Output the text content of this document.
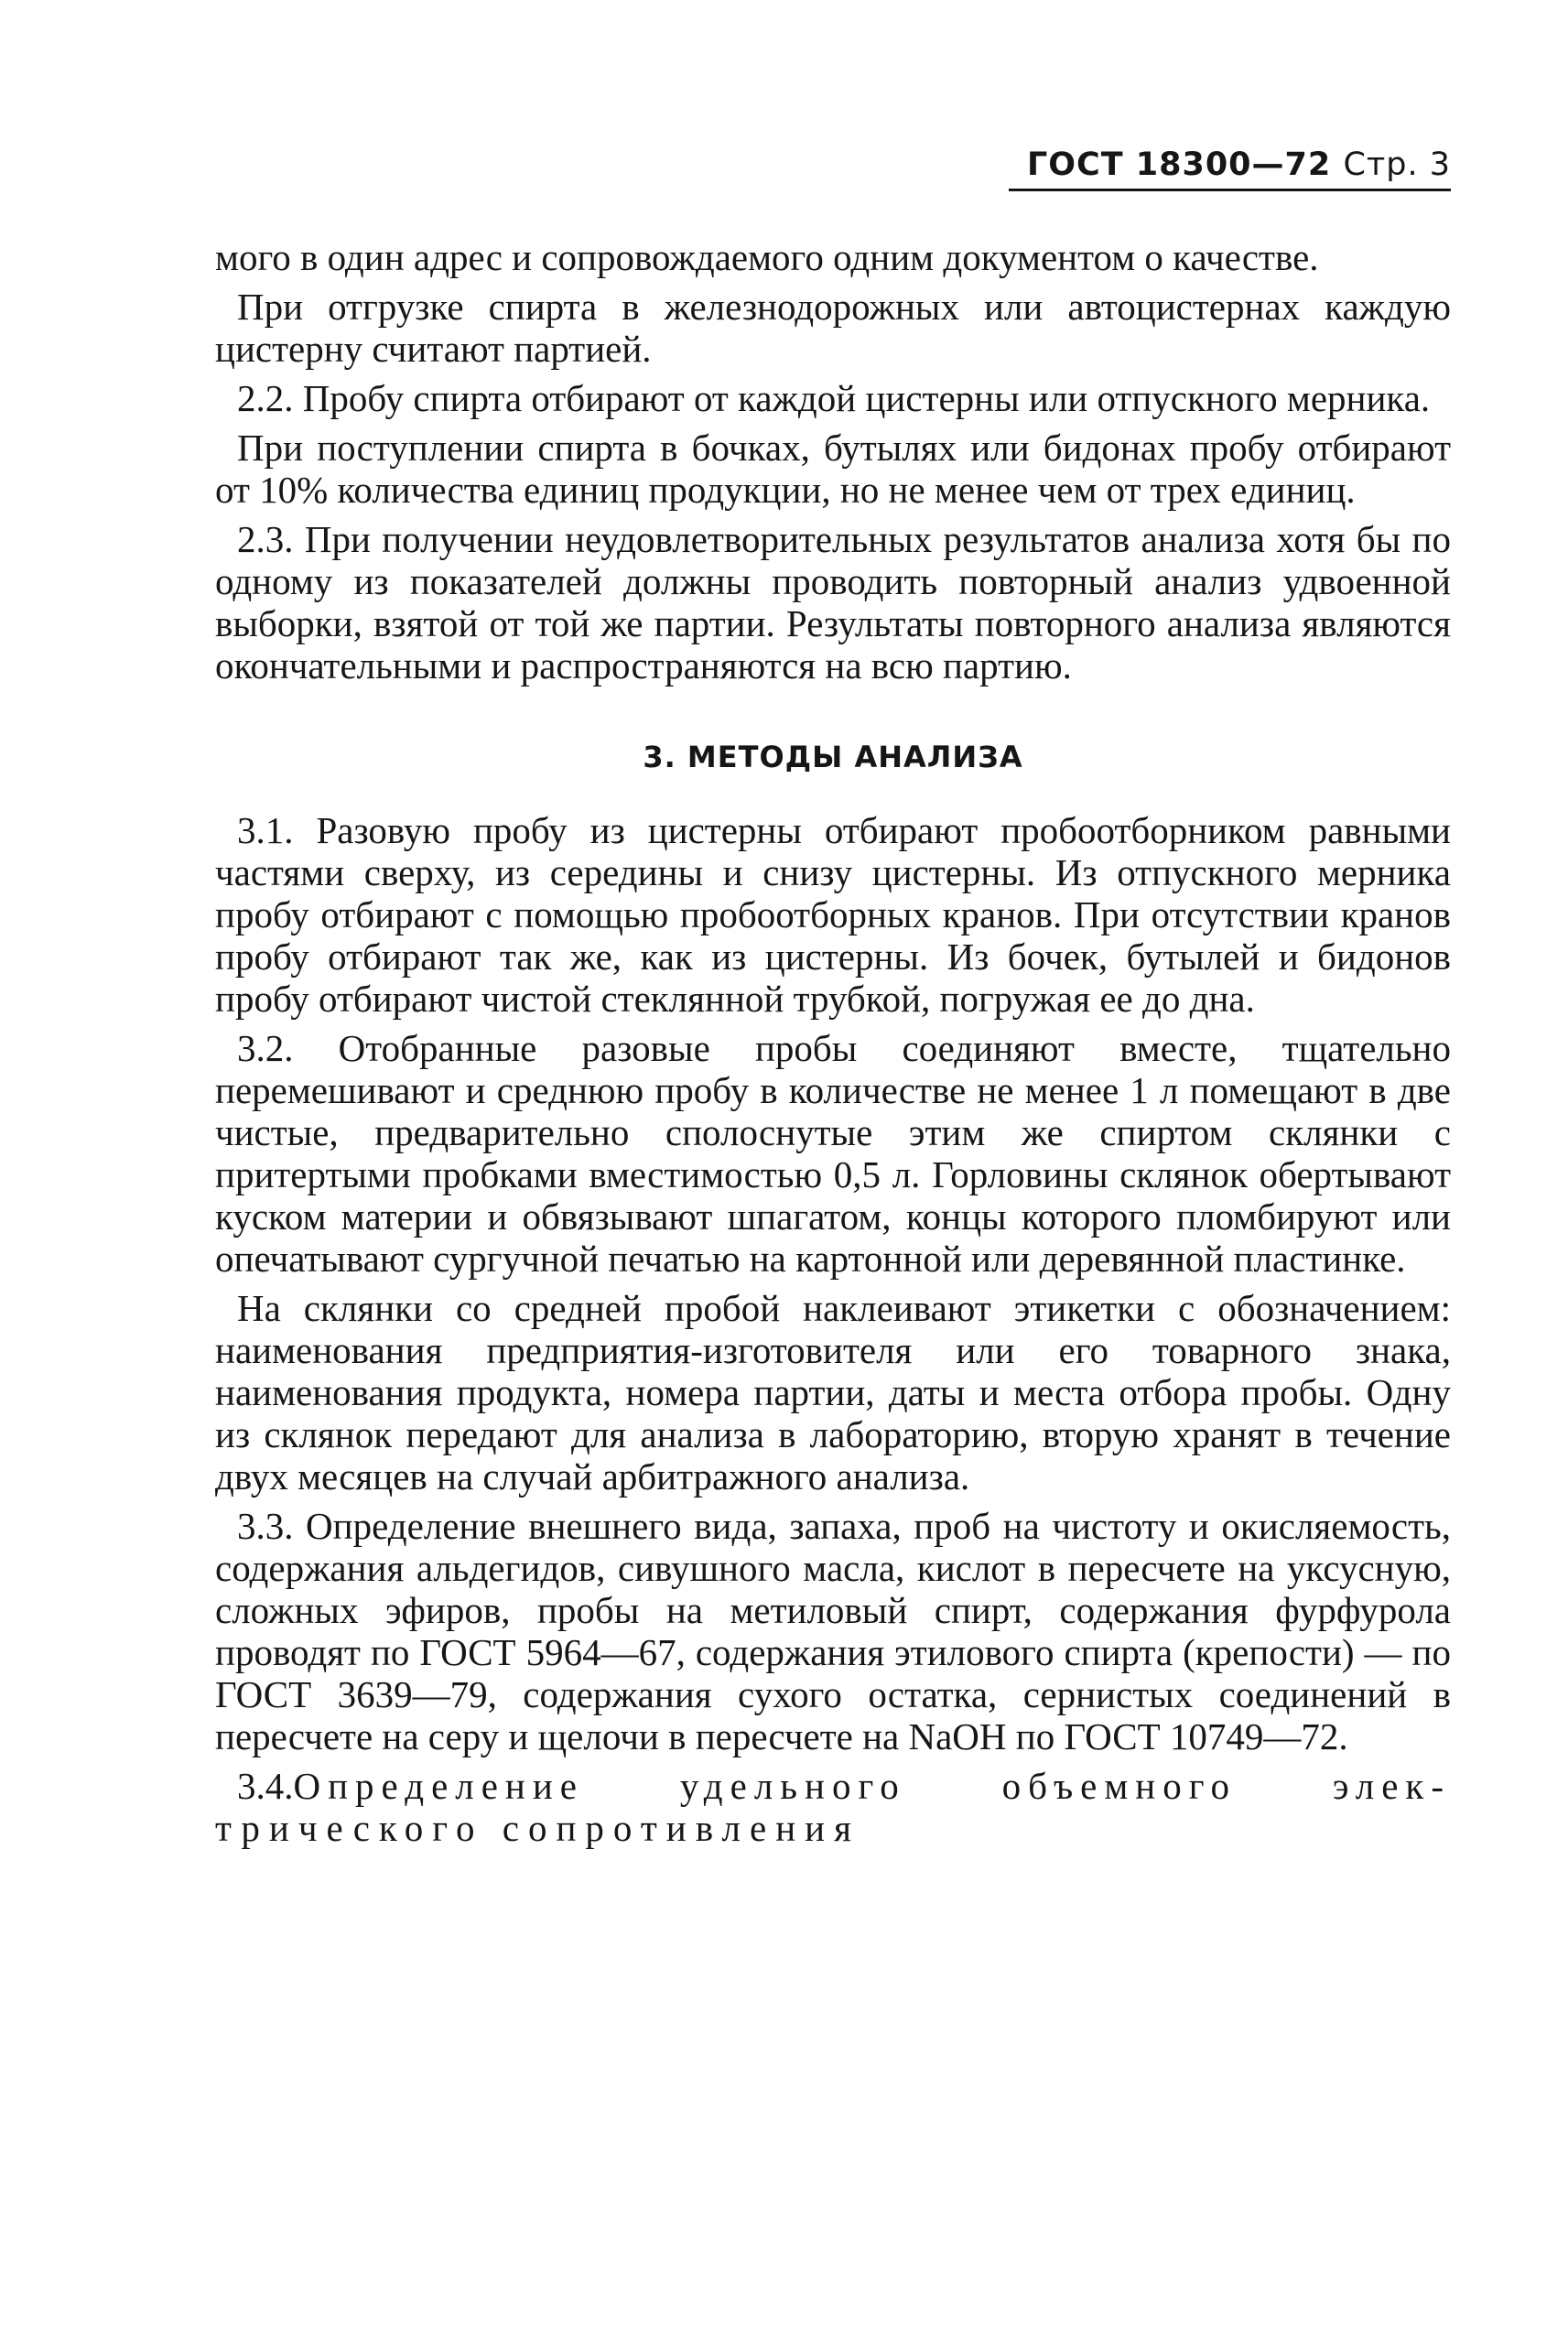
ГОСТ 18300—72 Стр. 3

мого в один адрес и сопровождаемого одним документом о качестве.

При отгрузке спирта в железнодорожных или автоцистернах каждую цистерну считают партией.

2.2. Пробу спирта отбирают от каждой цистерны или отпускного мерника.

При поступлении спирта в бочках, бутылях или бидонах пробу отбирают от 10% количества единиц продукции, но не менее чем от трех единиц.

2.3. При получении неудовлетворительных результатов анализа хотя бы по одному из показателей должны проводить повторный анализ удвоенной выборки, взятой от той же партии. Результаты повторного анализа являются окончательными и распространяются на всю партию.

3. МЕТОДЫ АНАЛИЗА

3.1. Разовую пробу из цистерны отбирают пробоотборником равными частями сверху, из середины и снизу цистерны. Из отпускного мерника пробу отбирают с помощью пробоотборных кранов. При отсутствии кранов пробу отбирают так же, как из цистерны. Из бочек, бутылей и бидонов пробу отбирают чистой стеклянной трубкой, погружая ее до дна.

3.2. Отобранные разовые пробы соединяют вместе, тщательно перемешивают и среднюю пробу в количестве не менее 1 л помещают в две чистые, предварительно сполоснутые этим же спиртом склянки с притертыми пробками вместимостью 0,5 л. Горловины склянок обертывают куском материи и обвязывают шпагатом, концы которого пломбируют или опечатывают сургучной печатью на картонной или деревянной пластинке.

На склянки со средней пробой наклеивают этикетки с обозначением: наименования предприятия-изготовителя или его товарного знака, наименования продукта, номера партии, даты и места отбора пробы. Одну из склянок передают для анализа в лабораторию, вторую хранят в течение двух месяцев на случай арбитражного анализа.

3.3. Определение внешнего вида, запаха, проб на чистоту и окисляемость, содержания альдегидов, сивушного масла, кислот в пересчете на уксусную, сложных эфиров, пробы на метиловый спирт, содержания фурфурола проводят по ГОСТ 5964—67, содержания этилового спирта (крепости) — по ГОСТ 3639—79, содержания сухого остатка, сернистых соединений в пересчете на серу и щелочи в пересчете на NaOH по ГОСТ 10749—72.

3.4.Определение	удельного	объемного	элек-
трического сопротивления
